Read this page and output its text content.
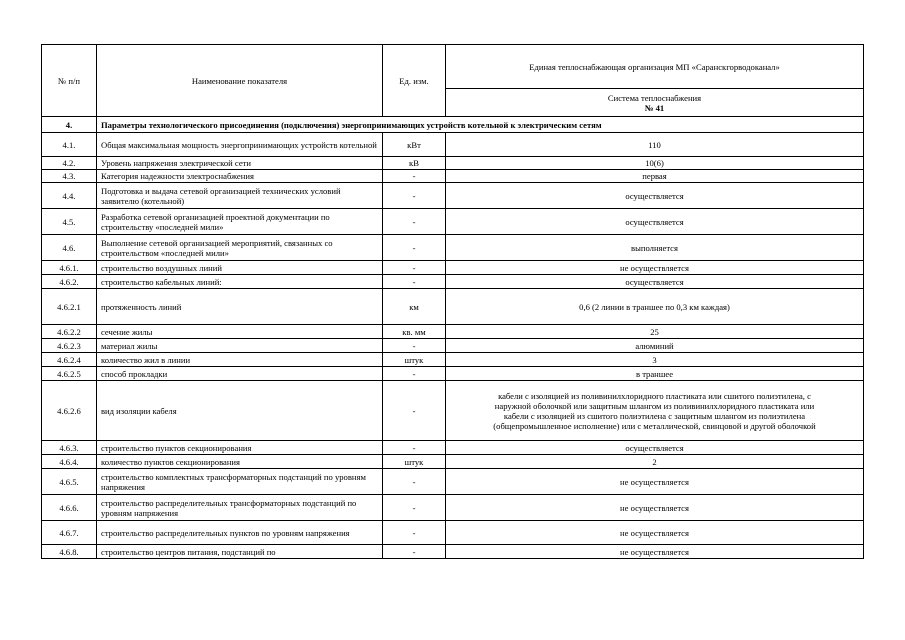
№ п/п	Наименование показателя	Ед. изм.	Единая теплоснабжающая организация МП «Саранскгорводоканал»

			Система теплоснабжения
№ 41

4.	Параметры технологического присоединения (подключения) энергопринимающих устройств котельной к электрическим сетям		
4.1.	Общая максимальная мощность энергопринимающих устройств котельной	кВт	110
4.2.	Уровень напряжения электрической сети	кВ	10(6)
4.3.	Категория надежности электроснабжения	-	первая
4.4.	Подготовка и выдача сетевой организацией технических условий заявителю (котельной)	-	осуществляется
4.5.	Разработка сетевой организацией проектной документации по строительству «последней мили»	-	осуществляется
4.6.	Выполнение сетевой организацией мероприятий, связанных со строительством «последней мили»	-	выполняется
4.6.1.	строительство воздушных линий	-	не осуществляется
4.6.2.	строительство кабельных линий:	-	осуществляется
4.6.2.1	протяженность линий	км	0,6 (2 линии в траншее по 0,3 км каждая)
4.6.2.2	сечение жилы	кв. мм	25
4.6.2.3	материал жилы	-	алюминий
4.6.2.4	количество жил в линии	штук	3
4.6.2.5	способ прокладки	-	в траншее
4.6.2.6	вид изоляции кабеля	-	кабели с изоляцией из поливинилхлоридного пластиката или сшитого полиэтилена, с наружной оболочкой или защитным шлангом из поливинилхлоридного пластиката или кабели с изоляцией из сшитого полиэтилена с защитным шлангом из полиэтилена (общепромышленное исполнение) или с металлической, свинцовой и другой оболочкой
4.6.3.	строительство пунктов секционирования	-	осуществляется
4.6.4.	количество пунктов секционирования	штук	2
4.6.5.	строительство комплектных трансформаторных подстанций по уровням напряжения	-	не осуществляется
4.6.6.	строительство распределительных трансформаторных подстанций по уровням напряжения	-	не осуществляется
4.6.7.	строительство распределительных пунктов по уровням напряжения	-	не осуществляется
4.6.8.	строительство центров питания, подстанций по	-	не осуществляется
